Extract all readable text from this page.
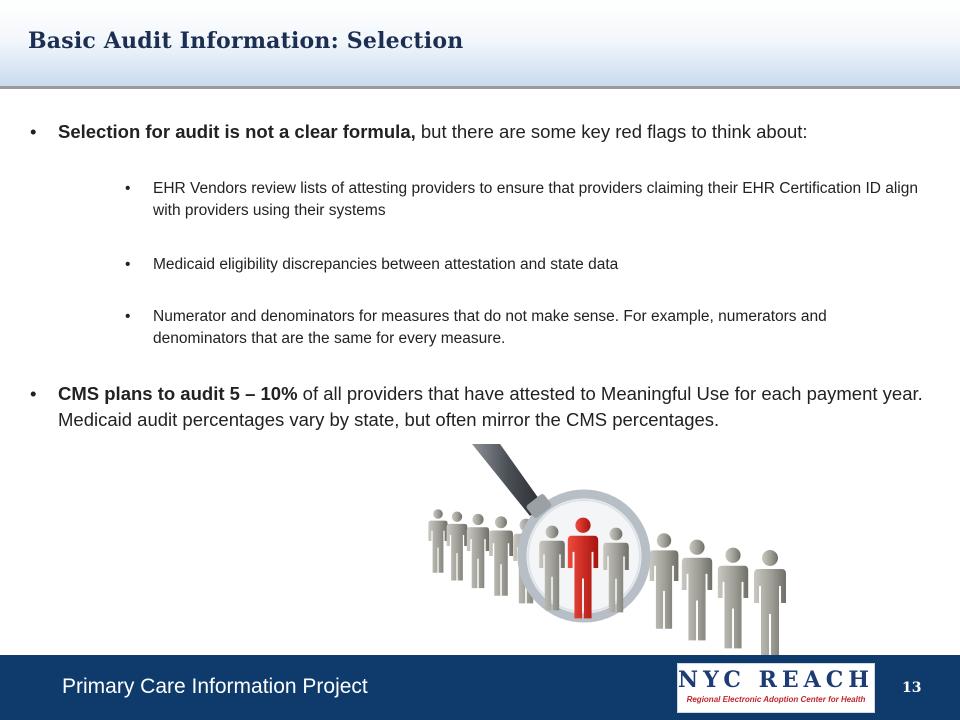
Basic Audit Information: Selection
• Selection for audit is not a clear formula, but there are some key red flags to think about:
• EHR Vendors review lists of attesting providers to ensure that providers claiming their EHR Certification ID align with providers using their systems
• Medicaid eligibility discrepancies between attestation and state data
• Numerator and denominators for measures that do not make sense. For example, numerators and denominators that are the same for every measure.
• CMS plans to audit 5 – 10% of all providers that have attested to Meaningful Use for each payment year. Medicaid audit percentages vary by state, but often mirror the CMS percentages.
Primary Care Information Project	NYC REACH
Regional Electronic Adoption Center for Health
13
